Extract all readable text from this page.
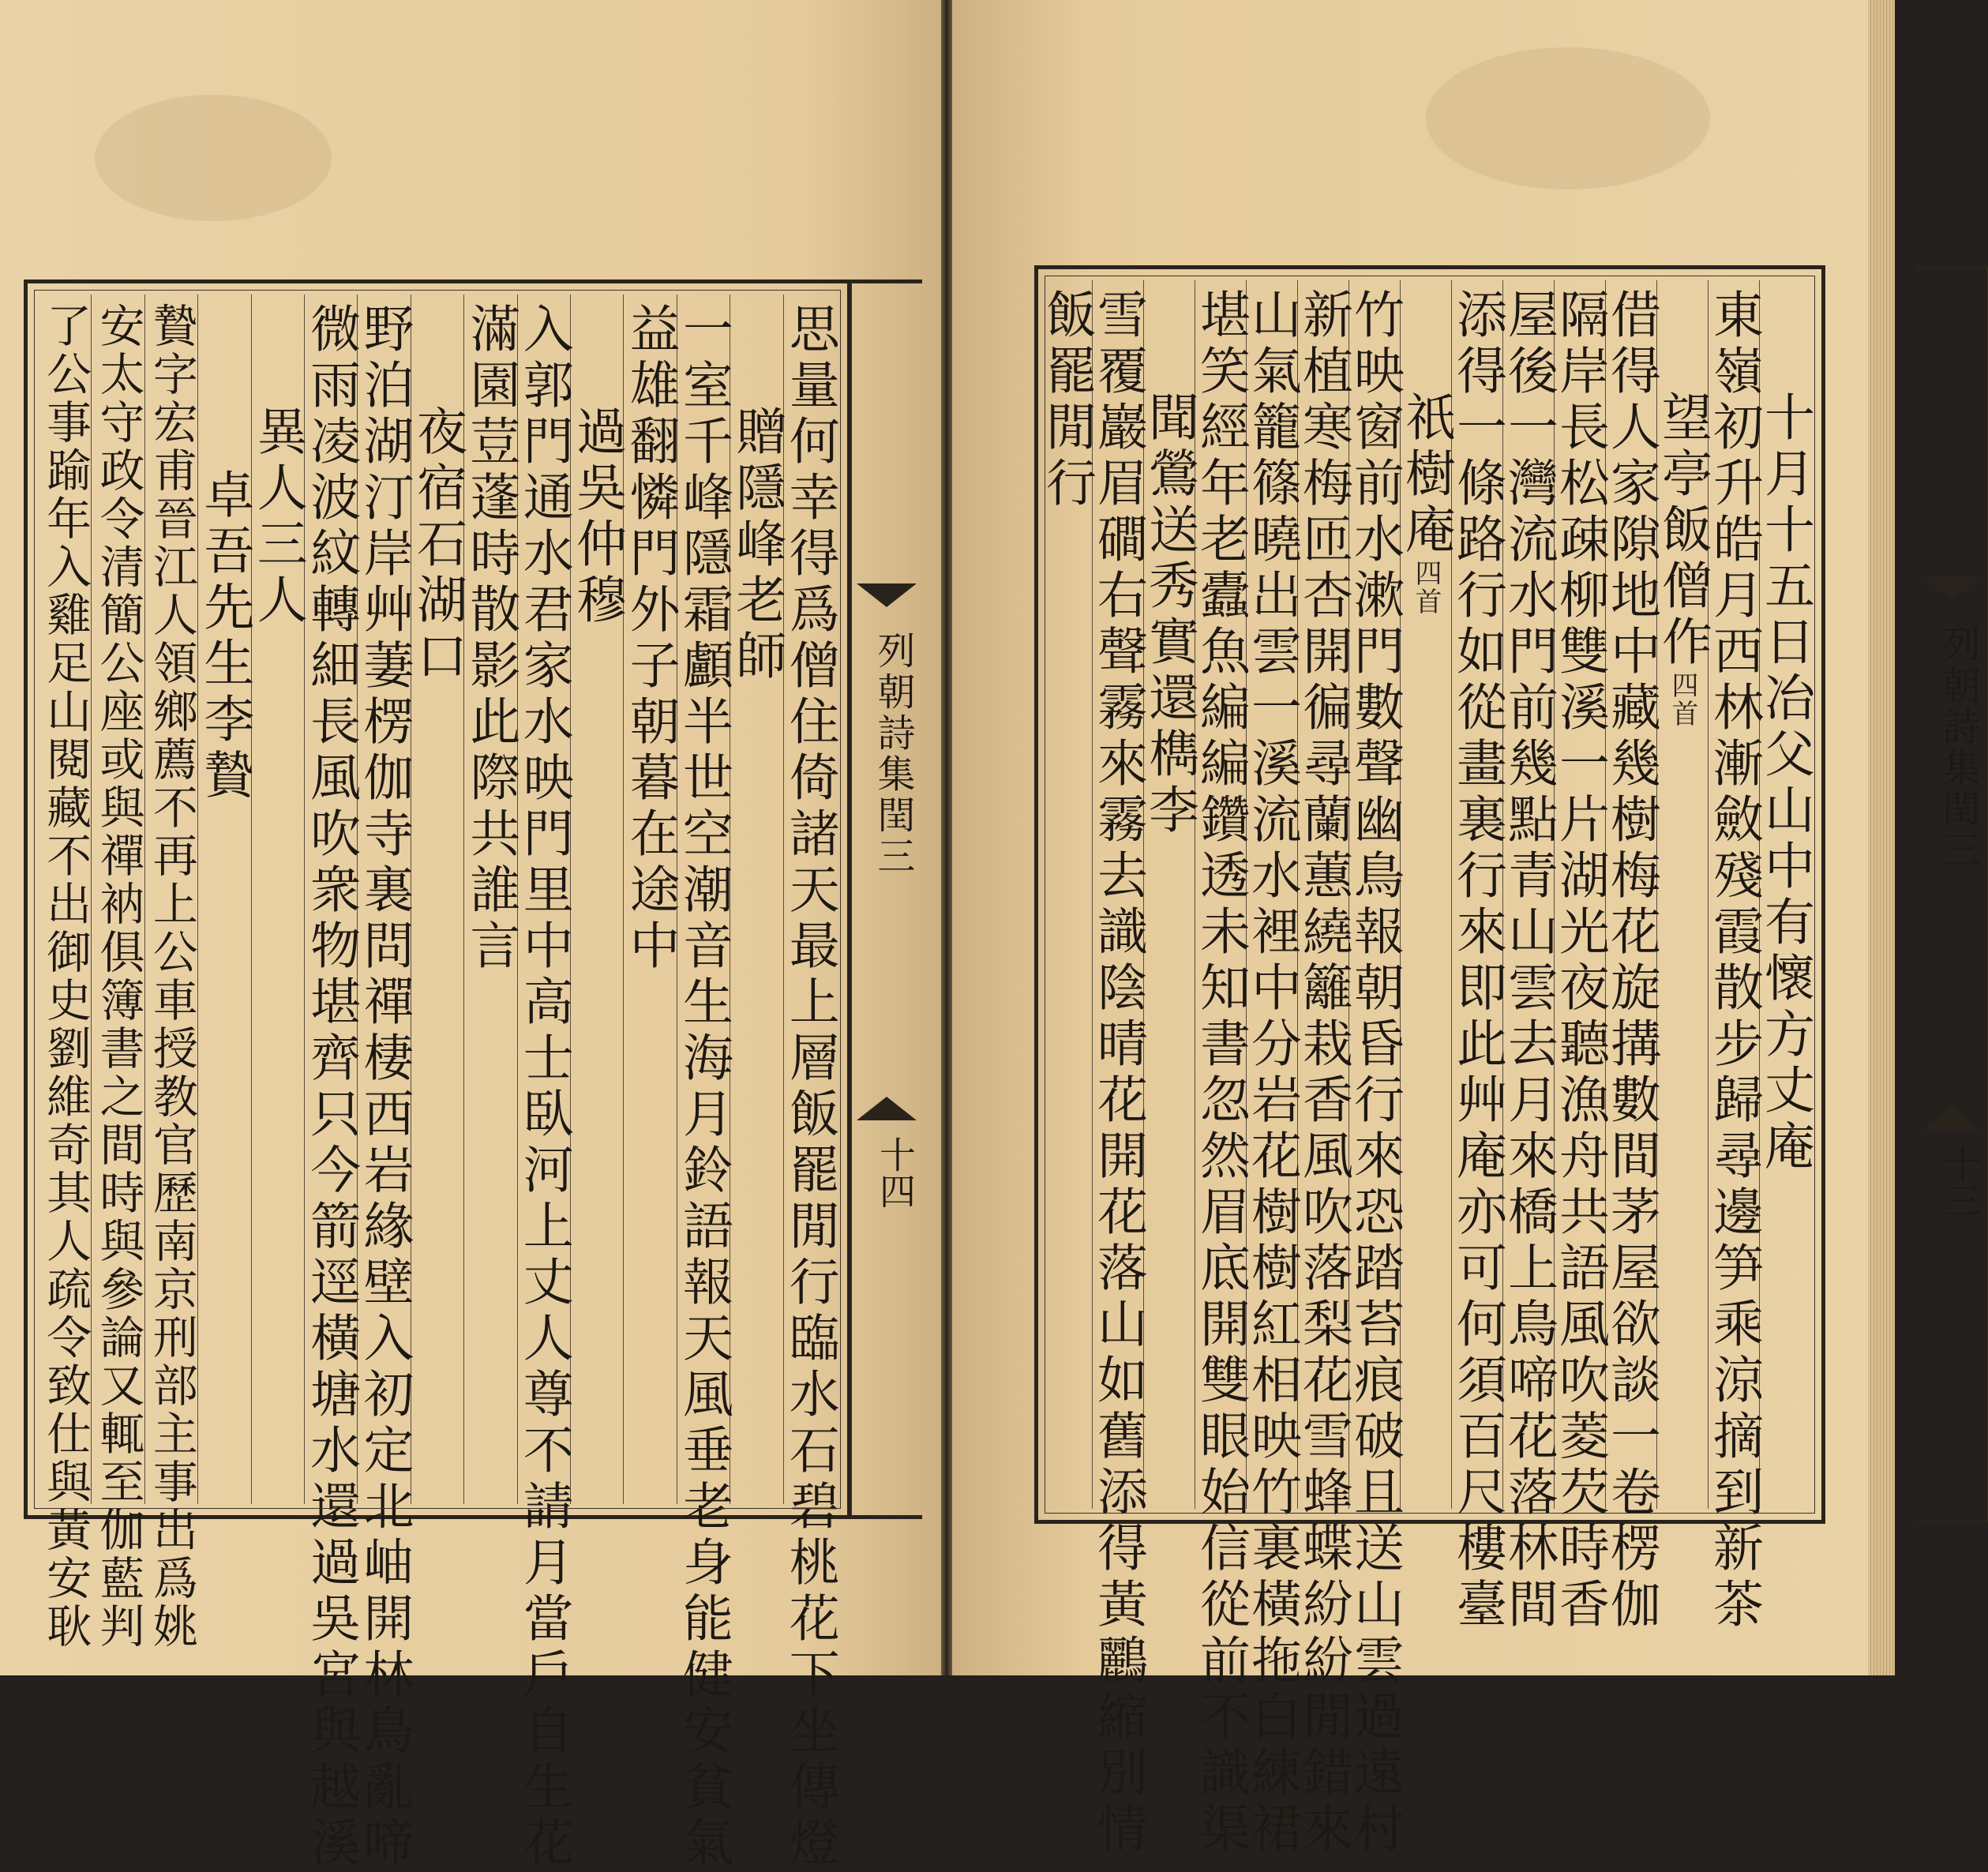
思量何幸得爲僧住倚諸天最上層飯罷閒行臨水石碧桃花下坐傳燈
贈隱峰老師
一室千峰隱霜顱半世空潮音生海月鈴語報天風垂老身能健安貧氣
益雄翻憐門外子朝暮在途中
過吳仲穆
入郭門通水君家水映門里中高士臥河上丈人尊不請月當戶自生花
滿園荳蓬時散影此際共誰言
夜宿石湖口
野泊湖汀岸艸萋楞伽寺裏問禪棲西岩緣壁入初定北岫開林鳥亂啼
微雨凌波紋轉細長風吹衆物堪齊只今箭逕橫塘水還過吳宮與越溪
異人三人
卓吾先生李贄
贄字宏甫晉江人領鄉薦不再上公車授教官歷南京刑部主事出爲姚
安太守政令清簡公座或與禪衲俱簿書之間時與參論又輒至伽藍判
了公事踰年入雞足山閱藏不出御史劉維奇其人疏令致仕與黃安耿	列朝詩集閏三
十四
列朝詩集閏三
十三
十月十五日冶父山中有懷方丈庵
東嶺初升皓月西林漸斂殘霞散步歸尋邊笋乘涼摘到新茶
望亭飯僧作四首
借得人家隙地中藏幾樹梅花旋搆數間茅屋欲談一卷楞伽
隔岸長松疎柳雙溪一片湖光夜聽漁舟共語風吹菱芡時香
屋後一灣流水門前幾點青山雲去月來橋上鳥啼花落林間
添得一條路行如從畫裏行來即此艸庵亦可何須百尺樓臺
祇樹庵四首
竹映窗前水漱門數聲幽鳥報朝昏行來恐踏苔痕破且送山雲過遠村
新植寒梅匝杏開徧尋蘭蕙繞籬栽香風吹落梨花雪蜂蝶紛紛閒錯來
山氣籠篠曉出雲一溪流水裡中分岩花樹樹紅相映竹裏橫拖白練裙
堪笑經年老蠹魚編編鑽透未知書忽然眉底開雙眼始信從前不識渠
聞鶯送秀實還檇李
雪覆巖眉磵右聲霧來霧去識陰晴花開花落山如舊添得黃鸝縮別情
飯罷閒行
